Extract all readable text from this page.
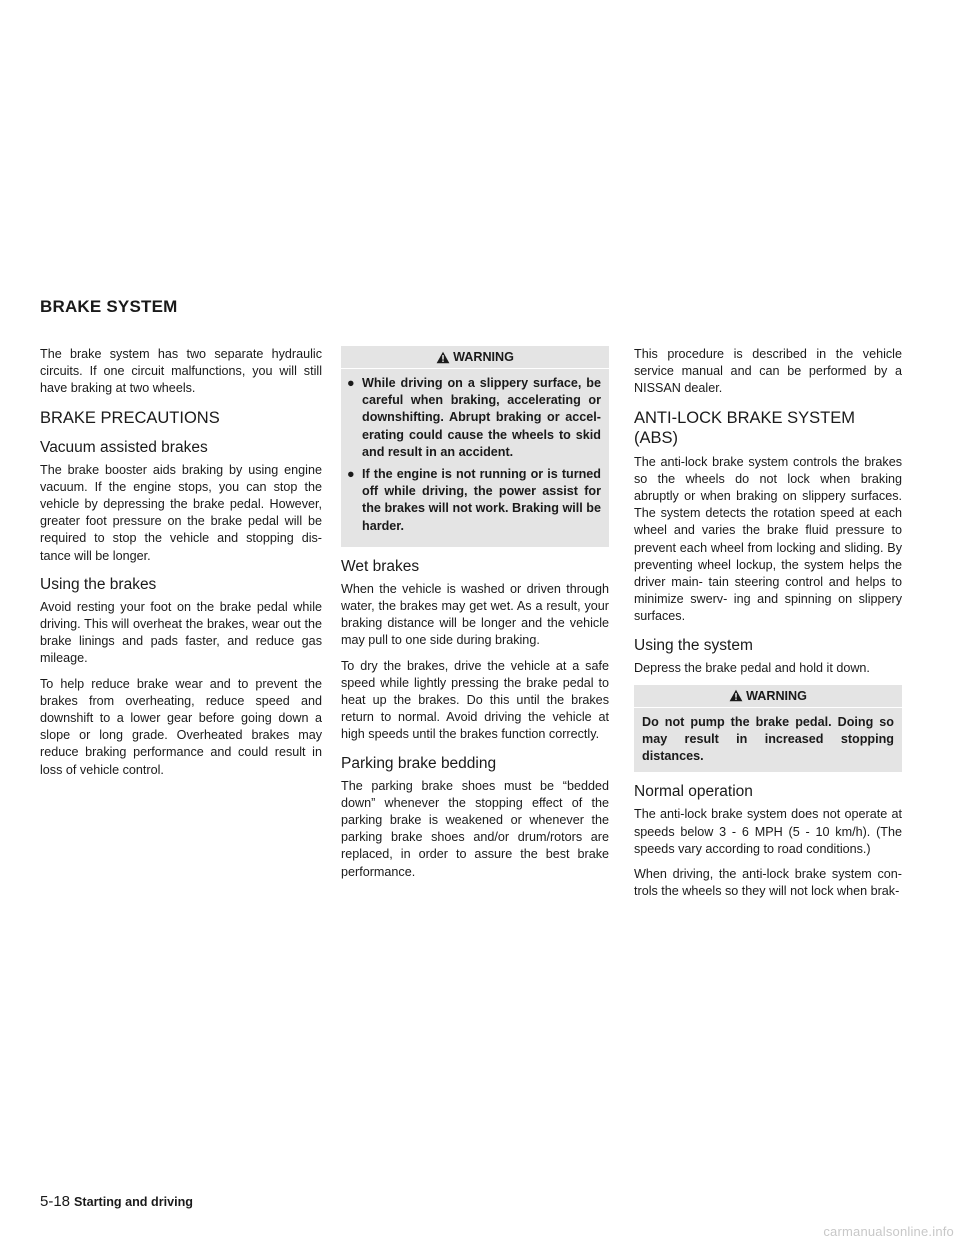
BRAKE SYSTEM

The brake system has two separate hydraulic circuits. If one circuit malfunctions, you will still have braking at two wheels.

BRAKE PRECAUTIONS
Vacuum assisted brakes

The brake booster aids braking by using engine vacuum. If the engine stops, you can stop the vehicle by depressing the brake pedal. However, greater foot pressure on the brake pedal will be required to stop the vehicle and stopping dis- tance will be longer.

Using the brakes

Avoid resting your foot on the brake pedal while driving. This will overheat the brakes, wear out the brake linings and pads faster, and reduce gas mileage.

To help reduce brake wear and to prevent the brakes from overheating, reduce speed and downshift to a lower gear before going down a slope or long grade. Overheated brakes may reduce braking performance and could result in loss of vehicle control.

WARNING
● While driving on a slippery surface, be careful when braking, accelerating or downshifting. Abrupt braking or accel- erating could cause the wheels to skid and result in an accident.
● If the engine is not running or is turned off while driving, the power assist for the brakes will not work. Braking will be harder.
Wet brakes

When the vehicle is washed or driven through water, the brakes may get wet. As a result, your braking distance will be longer and the vehicle may pull to one side during braking.

To dry the brakes, drive the vehicle at a safe speed while lightly pressing the brake pedal to heat up the brakes. Do this until the brakes return to normal. Avoid driving the vehicle at high speeds until the brakes function correctly.

Parking brake bedding

The parking brake shoes must be “bedded down” whenever the stopping effect of the parking brake is weakened or whenever the parking brake shoes and/or drum/rotors are replaced, in order to assure the best brake performance.

This procedure is described in the vehicle service manual and can be performed by a NISSAN dealer.

ANTI-LOCK BRAKE SYSTEM (ABS)

The anti-lock brake system controls the brakes so the wheels do not lock when braking abruptly or when braking on slippery surfaces. The system detects the rotation speed at each wheel and varies the brake fluid pressure to prevent each wheel from locking and sliding. By preventing wheel lockup, the system helps the driver main- tain steering control and helps to minimize swerv- ing and spinning on slippery surfaces.

Using the system

Depress the brake pedal and hold it down.

WARNING

Do not pump the brake pedal. Doing so may result in increased stopping distances.

Normal operation

The anti-lock brake system does not operate at speeds below 3 - 6 MPH (5 - 10 km/h). (The speeds vary according to road conditions.)

When driving, the anti-lock brake system con- trols the wheels so they will not lock when brak-

5-18 Starting and driving
carmanualsonline.info
